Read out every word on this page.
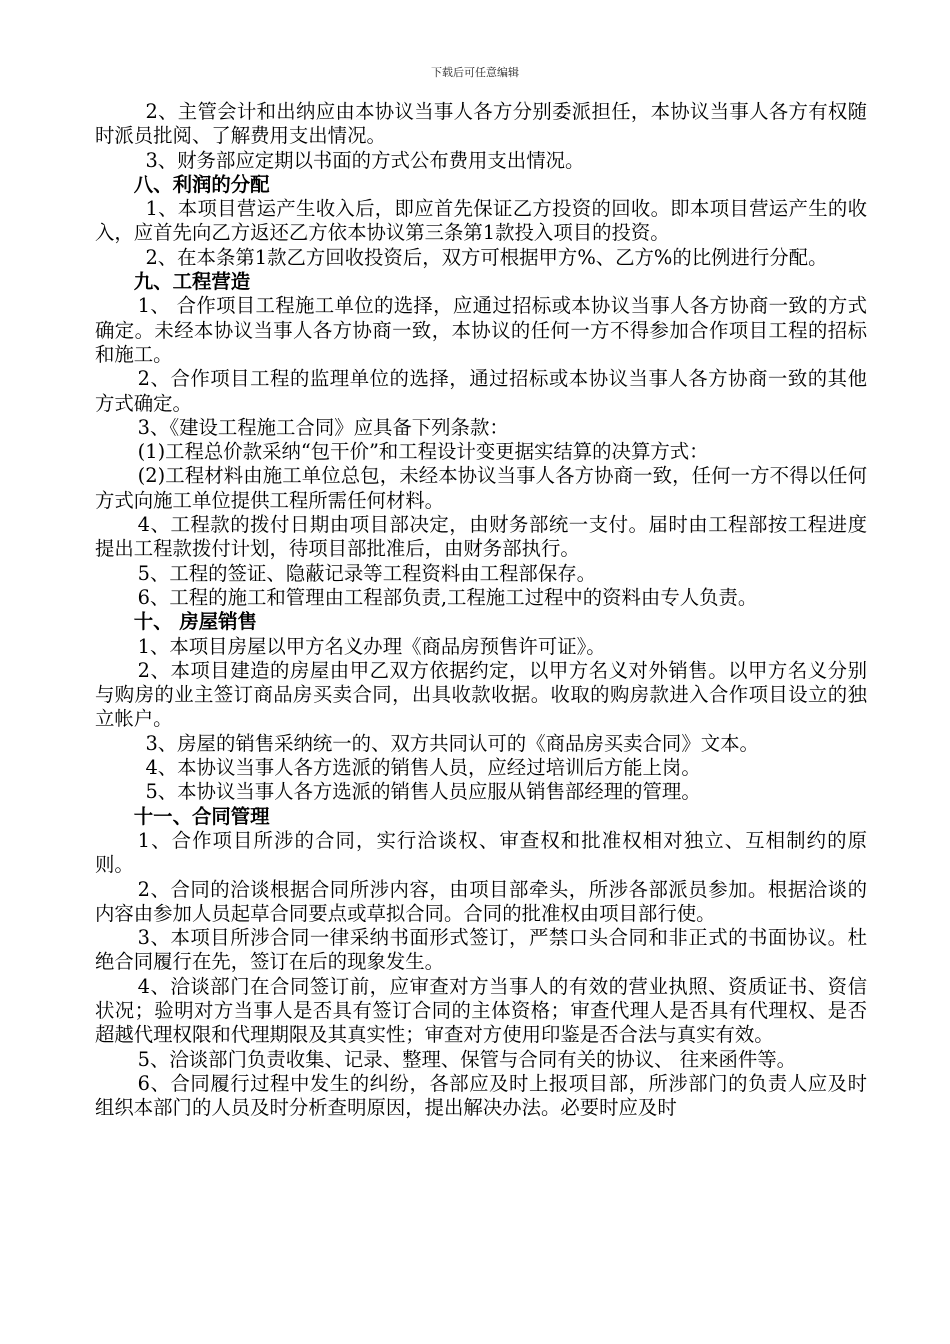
下载后可任意编辑

2、主管会计和出纳应由本协议当事人各方分别委派担任，本协议当事人各方有权随时派员批阅、了解费用支出情况。

3、财务部应定期以书面的方式公布费用支出情况。

八、利润的分配

1、本项目营运产生收入后，即应首先保证乙方投资的回收。即本项目营运产生的收入，应首先向乙方返还乙方依本协议第三条第1款投入项目的投资。

2、在本条第1款乙方回收投资后，双方可根据甲方%、乙方%的比例进行分配。

九、工程营造

1、 合作项目工程施工单位的选择，应通过招标或本协议当事人各方协商一致的方式确定。未经本协议当事人各方协商一致，本协议的任何一方不得参加合作项目工程的招标和施工。

2、合作项目工程的监理单位的选择，通过招标或本协议当事人各方协商一致的其他方式确定。

3、《建设工程施工合同》应具备下列条款：

(1)工程总价款采纳“包干价”和工程设计变更据实结算的决算方式：

(2)工程材料由施工单位总包，未经本协议当事人各方协商一致，任何一方不得以任何方式向施工单位提供工程所需任何材料。

4、工程款的拨付日期由项目部决定，由财务部统一支付。届时由工程部按工程进度提出工程款拨付计划，待项目部批准后，由财务部执行。

5、工程的签证、隐蔽记录等工程资料由工程部保存。

6、工程的施工和管理由工程部负责,工程施工过程中的资料由专人负责。

十、 房屋销售

1、本项目房屋以甲方名义办理《商品房预售许可证》。

2、本项目建造的房屋由甲乙双方依据约定，以甲方名义对外销售。以甲方名义分别与购房的业主签订商品房买卖合同，出具收款收据。收取的购房款进入合作项目设立的独立帐户。

3、房屋的销售采纳统一的、双方共同认可的《商品房买卖合同》文本。

4、本协议当事人各方选派的销售人员，应经过培训后方能上岗。

5、本协议当事人各方选派的销售人员应服从销售部经理的管理。

十一、合同管理

1、合作项目所涉的合同，实行洽谈权、审查权和批准权相对独立、互相制约的原则。

2、合同的洽谈根据合同所涉内容，由项目部牵头，所涉各部派员参加。根据洽谈的内容由参加人员起草合同要点或草拟合同。合同的批准权由项目部行使。

3、本项目所涉合同一律采纳书面形式签订，严禁口头合同和非正式的书面协议。杜绝合同履行在先，签订在后的现象发生。

4、洽谈部门在合同签订前，应审查对方当事人的有效的营业执照、资质证书、资信状况；验明对方当事人是否具有签订合同的主体资格；审查代理人是否具有代理权、是否超越代理权限和代理期限及其真实性；审查对方使用印鉴是否合法与真实有效。

5、洽谈部门负责收集、记录、整理、保管与合同有关的协议、 往来函件等。

6、合同履行过程中发生的纠纷，各部应及时上报项目部，所涉部门的负责人应及时组织本部门的人员及时分析查明原因，提出解决办法。必要时应及时
